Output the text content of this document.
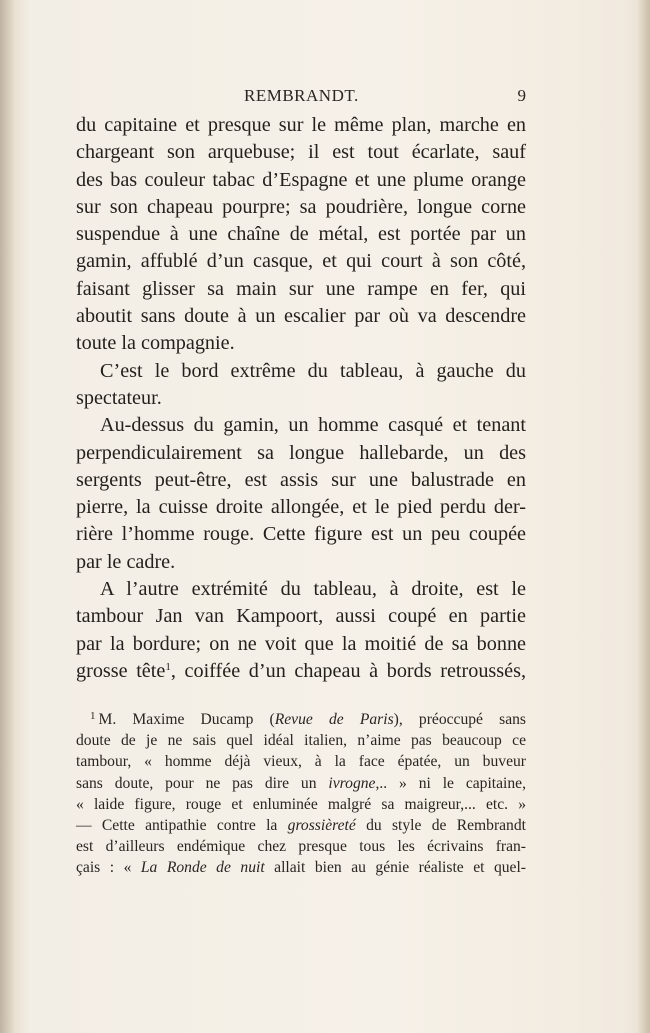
REMBRANDT.	9
du capitaine et presque sur le même plan, marche en
chargeant son arquebuse; il est tout écarlate, sauf
des bas couleur tabac d’Espagne et une plume orange
sur son chapeau pourpre; sa poudrière, longue corne
suspendue à une chaîne de métal, est portée par un
gamin, affublé d’un casque, et qui court à son côté,
faisant glisser sa main sur une rampe en fer, qui
aboutit sans doute à un escalier par où va descendre
toute la compagnie.
C’est le bord extrême du tableau, à gauche du
spectateur.
Au-dessus du gamin, un homme casqué et tenant
perpendiculairement sa longue hallebarde, un des
sergents peut-être, est assis sur une balustrade en
pierre, la cuisse droite allongée, et le pied perdu der-
rière l’homme rouge. Cette figure est un peu coupée
par le cadre.
A l’autre extrémité du tableau, à droite, est le
tambour Jan van Kampoort, aussi coupé en partie
par la bordure; on ne voit que la moitié de sa bonne
grosse tête$^1$, coiffée d’un chapeau à bords retroussés,
$^1$ M. Maxime Ducamp (Revue de Paris), préoccupé sans
doute de je ne sais quel idéal italien, n’aime pas beaucoup ce
tambour, « homme déjà vieux, à la face épatée, un buveur
sans doute, pour ne pas dire un ivrogne,.. » ni le capitaine,
« laide figure, rouge et enluminée malgré sa maigreur,... etc. »
— Cette antipathie contre la grossièreté du style de Rembrandt
est d’ailleurs endémique chez presque tous les écrivains fran-
çais : « La Ronde de nuit allait bien au génie réaliste et quel-
